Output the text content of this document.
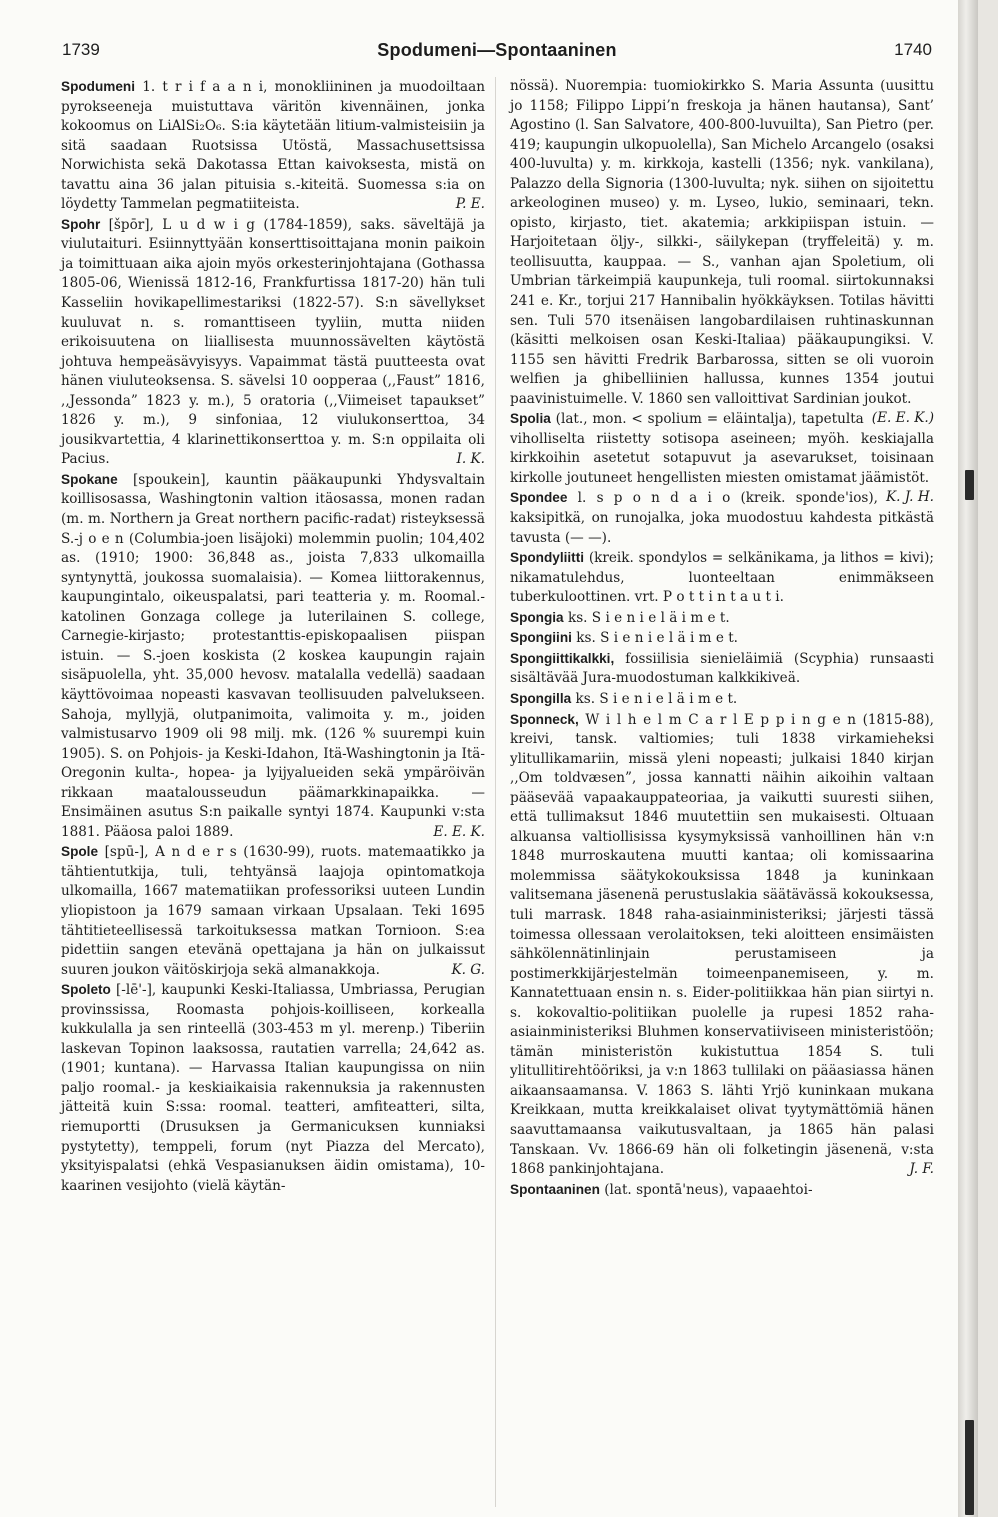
1739	Spodumeni—Spontaaninen	1740

Spodumeni 1. t r i f a a n i, monokliininen ja muodoiltaan pyrokseeneja muistuttava väritön kivennäinen, jonka kokoomus on LiAlSi₂O₆. S:ia käytetään litium-valmisteisiin ja sitä saadaan Ruotsissa Utöstä, Massachusettsissa Norwichista sekä Dakotassa Ettan kaivoksesta, mistä on tavattu aina 36 jalan pituisia s.-kiteitä. Suomessa s:ia on löydetty Tammelan pegmatiiteista.	P. E.

Spohr [špōr], L u d w i g (1784-1859), saks. säveltäjä ja viulutaituri. Esiinnyttyään konserttisoittajana monin paikoin ja toimittuaan aika ajoin myös orkesterinjohtajana (Gothassa 1805-06, Wienissä 1812-16, Frankfurtissa 1817-20) hän tuli Kasseliin hovikapellimestariksi (1822-57). S:n sävellykset kuuluvat n. s. romanttiseen tyyliin, mutta niiden erikoisuutena on liiallisesta muunnossävelten käytöstä johtuva hempeäsävyisyys. Vapaimmat tästä puutteesta ovat hänen viuluteoksensa. S. sävelsi 10 oopperaa (,,Faust” 1816, ,,Jessonda” 1823 y. m.), 5 oratoria (,,Viimeiset tapaukset” 1826 y. m.), 9 sinfoniaa, 12 viulukonserttoa, 34 jousikvartettia, 4 klarinettikonserttoa y. m. S:n oppilaita oli Pacius.	I. K.

Spokane [spoukein], kauntin pääkaupunki Yhdysvaltain koillisosassa, Washingtonin valtion itäosassa, monen radan (m. m. Northern ja Great northern pacific-radat) risteyksessä S.-j o e n (Columbia-joen lisäjoki) molemmin puolin; 104,402 as. (1910; 1900: 36,848 as., joista 7,833 ulkomailla syntynyttä, joukossa suomalaisia). — Komea liittorakennus, kaupungintalo, oikeuspalatsi, pari teatteria y. m. Roomal.-katolinen Gonzaga college ja luterilainen S. college, Carnegie-kirjasto; protestanttis-episkopaalisen piispan istuin. — S.-joen koskista (2 koskea kaupungin rajain sisäpuolella, yht. 35,000 hevosv. matalalla vedellä) saadaan käyttövoimaa nopeasti kasvavan teollisuuden palvelukseen. Sahoja, myllyjä, olutpanimoita, valimoita y. m., joiden valmistusarvo 1909 oli 98 milj. mk. (126 % suurempi kuin 1905). S. on Pohjois- ja Keski-Idahon, Itä-Washingtonin ja Itä-Oregonin kulta-, hopea- ja lyijyalueiden sekä ympäröivän rikkaan maatalousseudun päämarkkinapaikka. — Ensimäinen asutus S:n paikalle syntyi 1874. Kaupunki v:sta 1881. Pääosa paloi 1889.	E. E. K.

Spole [spū-], A n d e r s (1630-99), ruots. matemaatikko ja tähtientutkija, tuli, tehtyänsä laajoja opintomatkoja ulkomailla, 1667 matematiikan professoriksi uuteen Lundin yliopistoon ja 1679 samaan virkaan Upsalaan. Teki 1695 tähtitieteellisessä tarkoituksessa matkan Tornioon. S:ea pidettiin sangen etevänä opettajana ja hän on julkaissut suuren joukon väitöskirjoja sekä almanakkoja.	K. G.

Spoleto [-lē'-], kaupunki Keski-Italiassa, Umbriassa, Perugian provinssissa, Roomasta pohjois-koilliseen, korkealla kukkulalla ja sen rinteellä (303-453 m yl. merenp.) Tiberiin laskevan Topinon laaksossa, rautatien varrella; 24,642 as. (1901; kuntana). — Harvassa Italian kaupungissa on niin paljo roomal.- ja keskiaikaisia rakennuksia ja rakennusten jätteitä kuin S:ssa: roomal. teatteri, amfiteatteri, silta, riemuportti (Drusuksen ja Germanicuksen kunniaksi pystytetty), temppeli, forum (nyt Piazza del Mercato), yksityispalatsi (ehkä Vespasianuksen äidin omistama), 10-kaarinen vesijohto (vielä käytän-

nössä). Nuorempia: tuomiokirkko S. Maria Assunta (uusittu jo 1158; Filippo Lippi’n freskoja ja hänen hautansa), Sant’ Agostino (l. San Salvatore, 400-800-luvuilta), San Pietro (per. 419; kaupungin ulkopuolella), San Michelo Arcangelo (osaksi 400-luvulta) y. m. kirkkoja, kastelli (1356; nyk. vankilana), Palazzo della Signoria (1300-luvulta; nyk. siihen on sijoitettu arkeologinen museo) y. m. Lyseo, lukio, seminaari, tekn. opisto, kirjasto, tiet. akatemia; arkkipiispan istuin. — Harjoitetaan öljy-, silkki-, säilykepan (tryffeleitä) y. m. teollisuutta, kauppaa. — S., vanhan ajan Spoletium, oli Umbrian tärkeimpiä kaupunkeja, tuli roomal. siirtokunnaksi 241 e. Kr., torjui 217 Hannibalin hyökkäyksen. Totilas hävitti sen. Tuli 570 itsenäisen langobardilaisen ruhtinaskunnan (käsitti melkoisen osan Keski-Italiaa) pääkaupungiksi. V. 1155 sen hävitti Fredrik Barbarossa, sitten se oli vuoroin welfien ja ghibelliinien hallussa, kunnes 1354 joutui paavinistuimelle. V. 1860 sen valloittivat Sardinian joukot.
(E. E. K.)

Spolia (lat., mon. < spolium = eläintalja), tapetulta viholliselta riistetty sotisopa aseineen; myöh. keskiajalla kirkkoihin asetetut sotapuvut ja asevarukset, toisinaan kirkolle joutuneet hengellisten miesten omistamat jäämistöt.
K. J. H.

Spondee l. s p o n d a i o (kreik. sponde'ios), kaksipitkä, on runojalka, joka muodostuu kahdesta pitkästä tavusta (— —).

Spondyliitti (kreik. spondylos = selkänikama, ja lithos = kivi); nikamatulehdus, luonteeltaan enimmäkseen tuberkuloottinen. vrt. P o t t i n t a u t i.

Spongia ks. S i e n i e l ä i m e t.

Spongiini ks. S i e n i e l ä i m e t.

Spongiittikalkki, fossiilisia sienieläimiä (Scyphia) runsaasti sisältävää Jura-muodostuman kalkkikiveä.

Spongilla ks. S i e n i e l ä i m e t.

Sponneck, W i l h e l m C a r l E p p i n g e n (1815-88), kreivi, tansk. valtiomies; tuli 1838 virkamieheksi ylitullikamariin, missä yleni nopeasti; julkaisi 1840 kirjan ,,Om toldvæsen”, jossa kannatti näihin aikoihin valtaan pääsevää vapaakauppateoriaa, ja vaikutti suuresti siihen, että tullimaksut 1846 muutettiin sen mukaisesti. Oltuaan alkuansa valtiollisissa kysymyksissä vanhoillinen hän v:n 1848 murroskautena muutti kantaa; oli komissaarina molemmissa säätykokouksissa 1848 ja kuninkaan valitsemana jäsenenä perustuslakia säätävässä kokouksessa, tuli marrask. 1848 raha-asiainministeriksi; järjesti tässä toimessa ollessaan verolaitoksen, teki aloitteen ensimäisten sähkölennätinlinjain perustamiseen ja postimerkkijärjestelmän toimeenpanemiseen, y. m. Kannatettuaan ensin n. s. Eider-politiikkaa hän pian siirtyi n. s. kokovaltio-politiikan puolelle ja rupesi 1852 raha-asiainministeriksi Bluhmen konservatiiviseen ministeristöön; tämän ministeristön kukistuttua 1854 S. tuli ylitullitirehtööriksi, ja v:n 1863 tullilaki on pääasiassa hänen aikaansaamansa. V. 1863 S. lähti Yrjö kuninkaan mukana Kreikkaan, mutta kreikkalaiset olivat tyytymättömiä hänen saavuttamaansa vaikutusvaltaan, ja 1865 hän palasi Tanskaan. Vv. 1866-69 hän oli folketingin jäsenenä, v:sta 1868 pankinjohtajana.	J. F.

Spontaaninen (lat. spontā'neus), vapaaehtoi-
